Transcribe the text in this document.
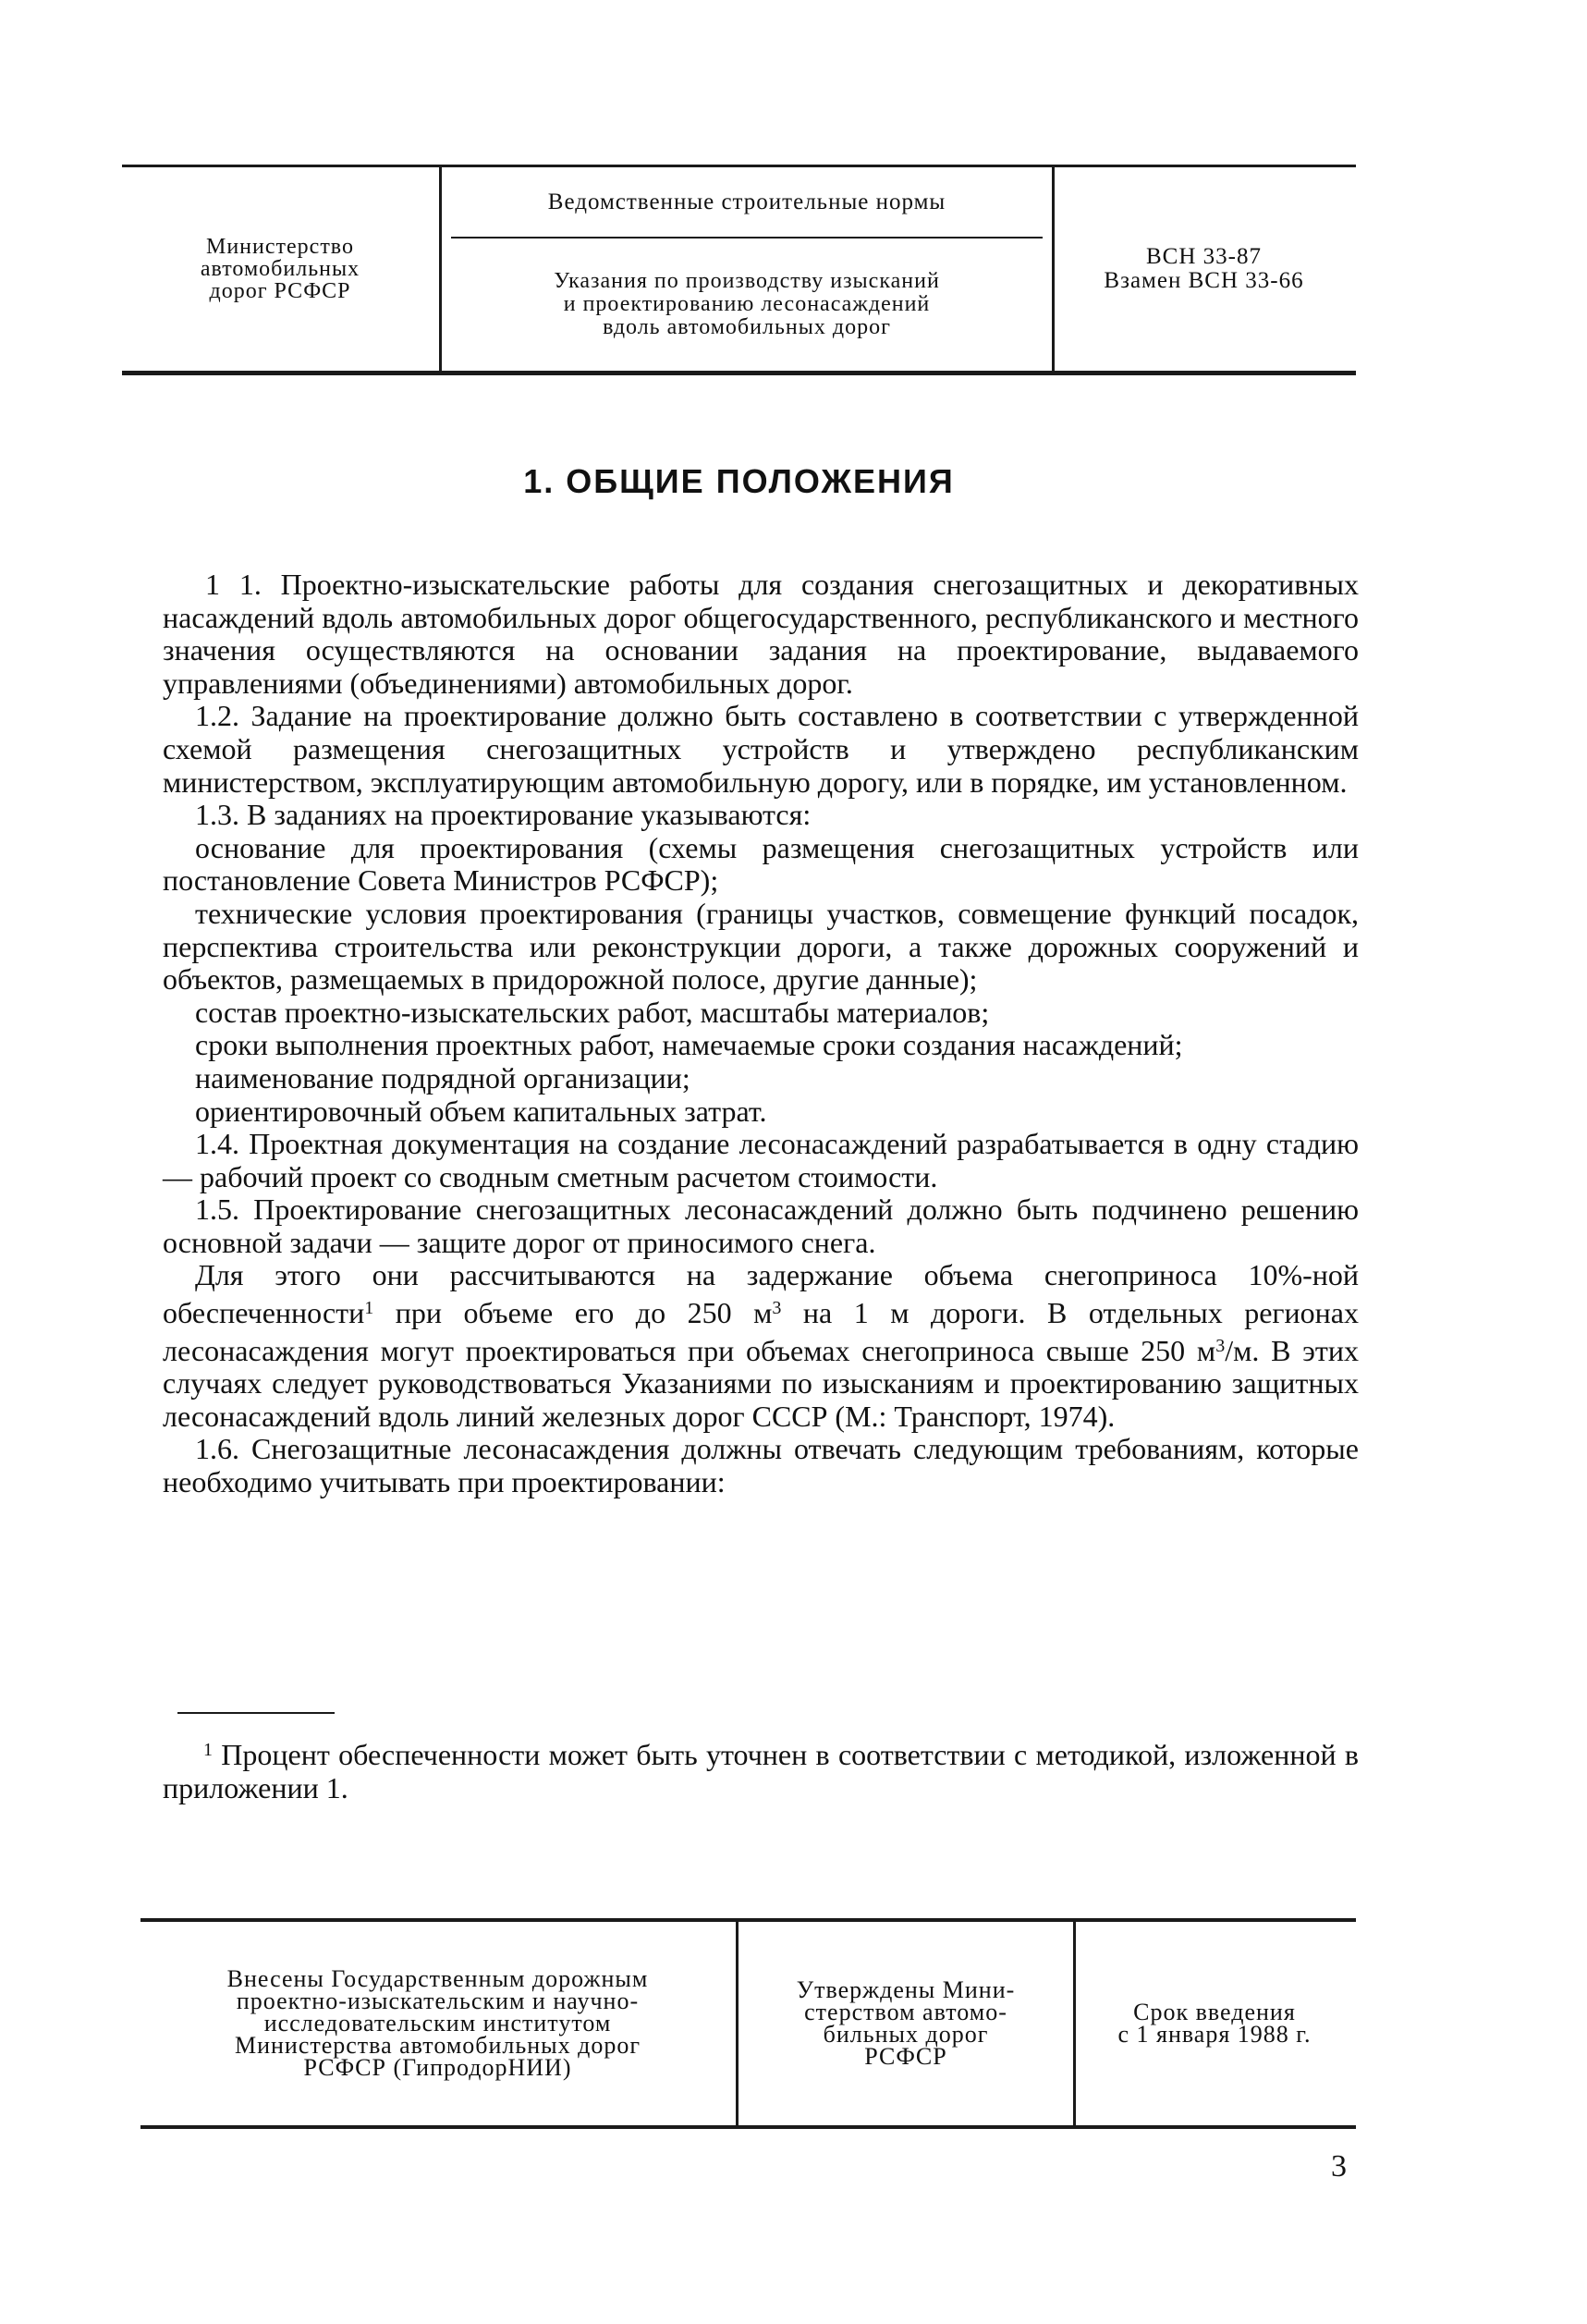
Министерство
автомобильных
дорог РСФСР
Ведомственные строительные нормы
Указания по производству изысканий
и проектированию лесонасаждений
вдоль автомобильных дорог
ВСН 33-87
Взамен ВСН 33-66
1. ОБЩИЕ ПОЛОЖЕНИЯ

1 1. Проектно-изыскательские работы для создания снегозащитных и декоративных насаждений вдоль автомобильных дорог общегосударственного, республиканского и местного значения осуществляются на основании задания на проектирование, выдаваемого управлениями (объединениями) автомобильных дорог.

1.2. Задание на проектирование должно быть составлено в соответствии с утвержденной схемой размещения снегозащитных устройств и утверждено республиканским министерством, эксплуатирующим автомобильную дорогу, или в порядке, им установленном.

1.3. В заданиях на проектирование указываются:

основание для проектирования (схемы размещения снегозащитных устройств или постановление Совета Министров РСФСР);

технические условия проектирования (границы участков, совмещение функций посадок, перспектива строительства или реконструкции дороги, а также дорожных сооружений и объектов, размещаемых в придорожной полосе, другие данные);

состав проектно-изыскательских работ, масштабы материалов;

сроки выполнения проектных работ, намечаемые сроки создания насаждений;

наименование подрядной организации;

ориентировочный объем капитальных затрат.

1.4. Проектная документация на создание лесонасаждений разрабатывается в одну стадию — рабочий проект со сводным сметным расчетом стоимости.

1.5. Проектирование снегозащитных лесонасаждений должно быть подчинено решению основной задачи — защите дорог от приносимого снега.

Для этого они рассчитываются на задержание объема снегоприноса 10%-ной обеспеченности$^1$ при объеме его до 250 $м^3$ на 1 м дороги. В отдельных регионах лесонасаждения могут проектироваться при объемах снегоприноса свыше 250 $м^3/м$. В этих случаях следует руководствоваться Указаниями по изысканиям и проектированию защитных лесонасаждений вдоль линий железных дорог СССР (М.: Транспорт, 1974).

1.6. Снегозащитные лесонасаждения должны отвечать следующим требованиям, которые необходимо учитывать при проектировании:

$^1$ Процент обеспеченности может быть уточнен в соответствии с методикой, изложенной в приложении 1.
Внесены Государственным дорожным
проектно-изыскательским и научно-
исследовательским институтом
Министерства автомобильных дорог
РСФСР (ГипродорНИИ)
Утверждены Мини-
стерством автомо-
бильных дорог
РСФСР
Срок введения
с 1 января 1988 г.
3
